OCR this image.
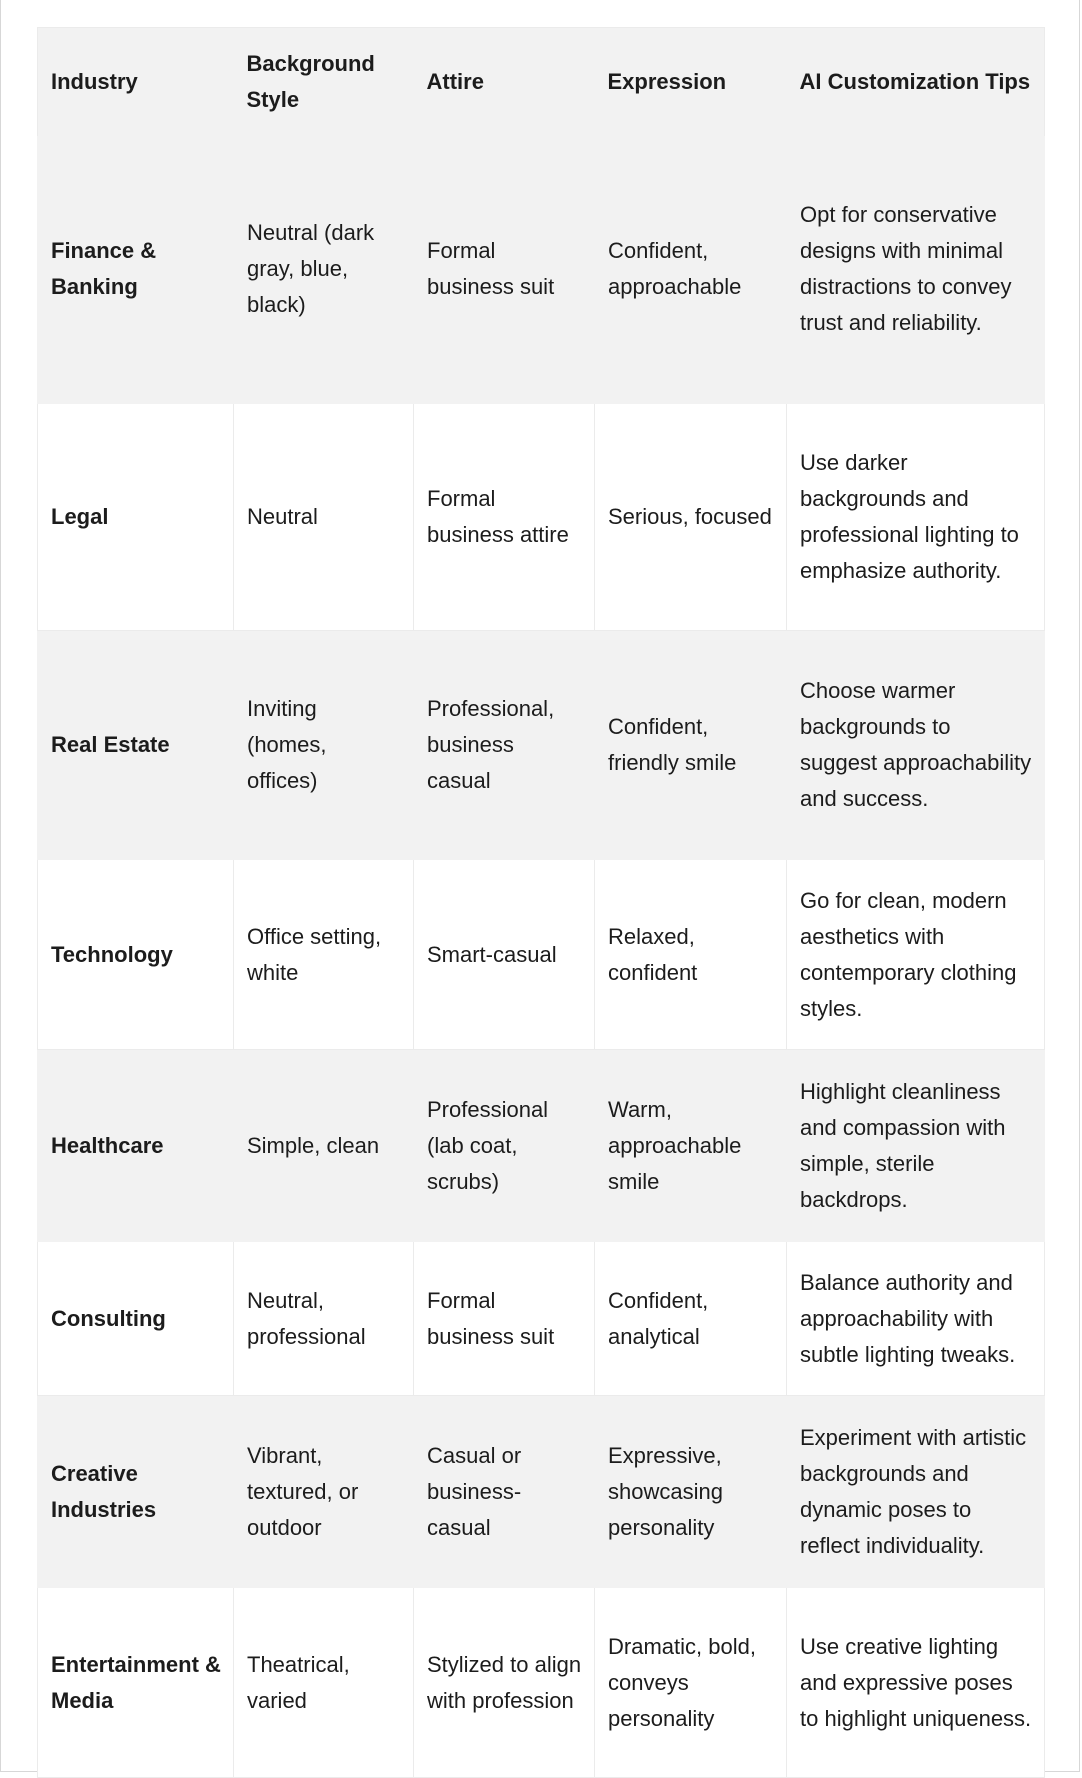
Industry	Background Style	Attire	Expression	AI Customization Tips
Finance & Banking	Neutral (dark gray, blue, black)	Formal business suit	Confident, approachable	Opt for conservative designs with minimal distractions to convey trust and reliability.
Legal	Neutral	Formal business attire	Serious, focused	Use darker backgrounds and professional lighting to emphasize authority.
Real Estate	Inviting (homes, offices)	Professional, business casual	Confident, friendly smile	Choose warmer backgrounds to suggest approachability and success.
Technology	Office setting, white	Smart-casual	Relaxed, confident	Go for clean, modern aesthetics with contemporary clothing styles.
Healthcare	Simple, clean	Professional (lab coat, scrubs)	Warm, approachable smile	Highlight cleanliness and compassion with simple, sterile backdrops.
Consulting	Neutral, professional	Formal business suit	Confident, analytical	Balance authority and approachability with subtle lighting tweaks.
Creative Industries	Vibrant, textured, or outdoor	Casual or business-casual	Expressive, showcasing personality	Experiment with artistic backgrounds and dynamic poses to reflect individuality.
Entertainment & Media	Theatrical, varied	Stylized to align with profession	Dramatic, bold, conveys personality	Use creative lighting and expressive poses to highlight uniqueness.
